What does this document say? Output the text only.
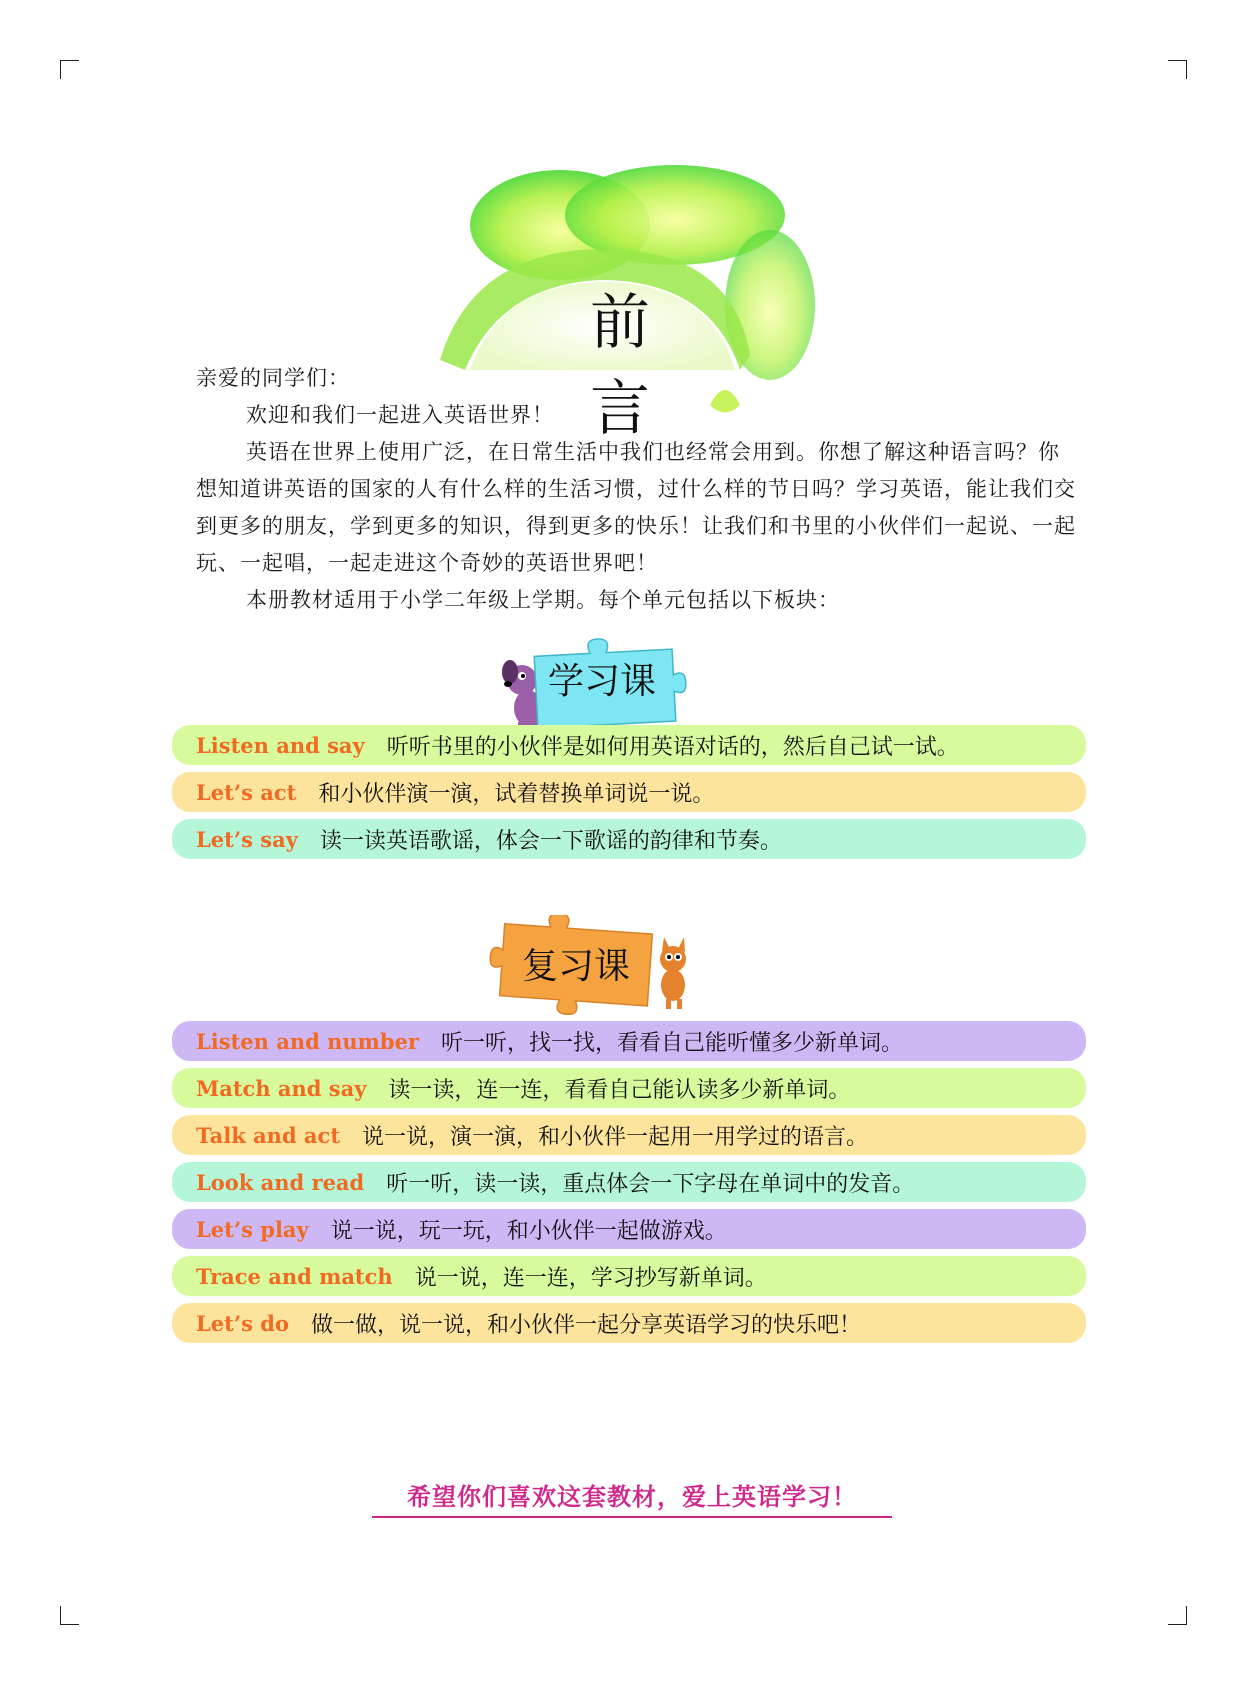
前 言

亲爱的同学们：

欢迎和我们一起进入英语世界！

英语在世界上使用广泛，在日常生活中我们也经常会用到。你想了解这种语言吗？你想知道讲英语的国家的人有什么样的生活习惯，过什么样的节日吗？学习英语，能让我们交到更多的朋友，学到更多的知识，得到更多的快乐！让我们和书里的小伙伴们一起说、一起玩、一起唱，一起走进这个奇妙的英语世界吧！

本册教材适用于小学二年级上学期。每个单元包括以下板块：

学习课
Listen and say 听听书里的小伙伴是如何用英语对话的，然后自己试一试。
Let’s act 和小伙伴演一演，试着替换单词说一说。
Let’s say 读一读英语歌谣，体会一下歌谣的韵律和节奏。
复习课
Listen and number 听一听，找一找，看看自己能听懂多少新单词。
Match and say 读一读，连一连，看看自己能认读多少新单词。
Talk and act 说一说，演一演，和小伙伴一起用一用学过的语言。
Look and read 听一听，读一读，重点体会一下字母在单词中的发音。
Let’s play 说一说，玩一玩，和小伙伴一起做游戏。
Trace and match 说一说，连一连，学习抄写新单词。
Let’s do 做一做，说一说，和小伙伴一起分享英语学习的快乐吧！
希望你们喜欢这套教材，爱上英语学习！
